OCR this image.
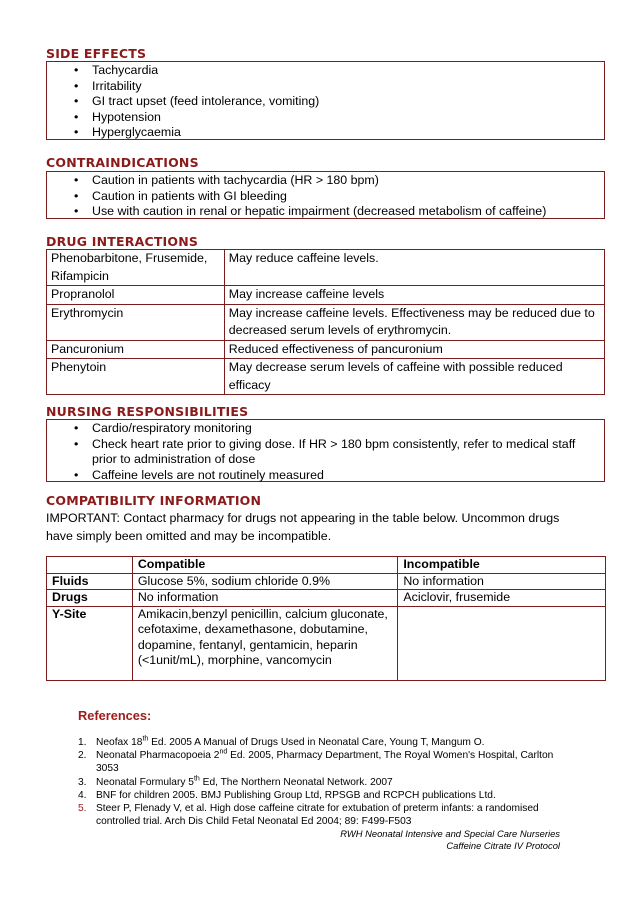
SIDE EFFECTS
• Tachycardia
• Irritability
• GI tract upset (feed intolerance, vomiting)
• Hypotension
• Hyperglycaemia
CONTRAINDICATIONS
• Caution in patients with tachycardia (HR > 180 bpm)
• Caution in patients with GI bleeding
• Use with caution in renal or hepatic impairment (decreased metabolism of caffeine)
DRUG INTERACTIONS
Phenobarbitone, Frusemide, Rifampicin	May reduce caffeine levels.
Propranolol	May increase caffeine levels
Erythromycin	May increase caffeine levels. Effectiveness may be reduced due to decreased serum levels of erythromycin.
Pancuronium	Reduced effectiveness of pancuronium
Phenytoin	May decrease serum levels of caffeine with possible reduced efficacy
NURSING RESPONSIBILITIES
• Cardio/respiratory monitoring
• Check heart rate prior to giving dose. If HR > 180 bpm consistently, refer to medical staff prior to administration of dose
• Caffeine levels are not routinely measured
COMPATIBILITY INFORMATION
IMPORTANT: Contact pharmacy for drugs not appearing in the table below. Uncommon drugs have simply been omitted and may be incompatible.
	Compatible	Incompatible
Fluids	Glucose 5%, sodium chloride 0.9%	No information
Drugs	No information	Aciclovir, frusemide
Y-Site	Amikacin,benzyl penicillin, calcium gluconate, cefotaxime, dexamethasone, dobutamine, dopamine, fentanyl, gentamicin, heparin (<1unit/mL), morphine, vancomycin	
References:
1. Neofax 18th Ed. 2005 A Manual of Drugs Used in Neonatal Care, Young T, Mangum O.
2. Neonatal Pharmacopoeia 2nd Ed. 2005, Pharmacy Department, The Royal Women's Hospital, Carlton 3053
3. Neonatal Formulary 5th Ed, The Northern Neonatal Network. 2007
4. BNF for children 2005. BMJ Publishing Group Ltd, RPSGB and RCPCH publications Ltd.
5. Steer P, Flenady V, et al. High dose caffeine citrate for extubation of preterm infants: a randomised controlled trial. Arch Dis Child Fetal Neonatal Ed 2004; 89: F499-F503
RWH Neonatal Intensive and Special Care Nurseries
Caffeine Citrate IV Protocol
